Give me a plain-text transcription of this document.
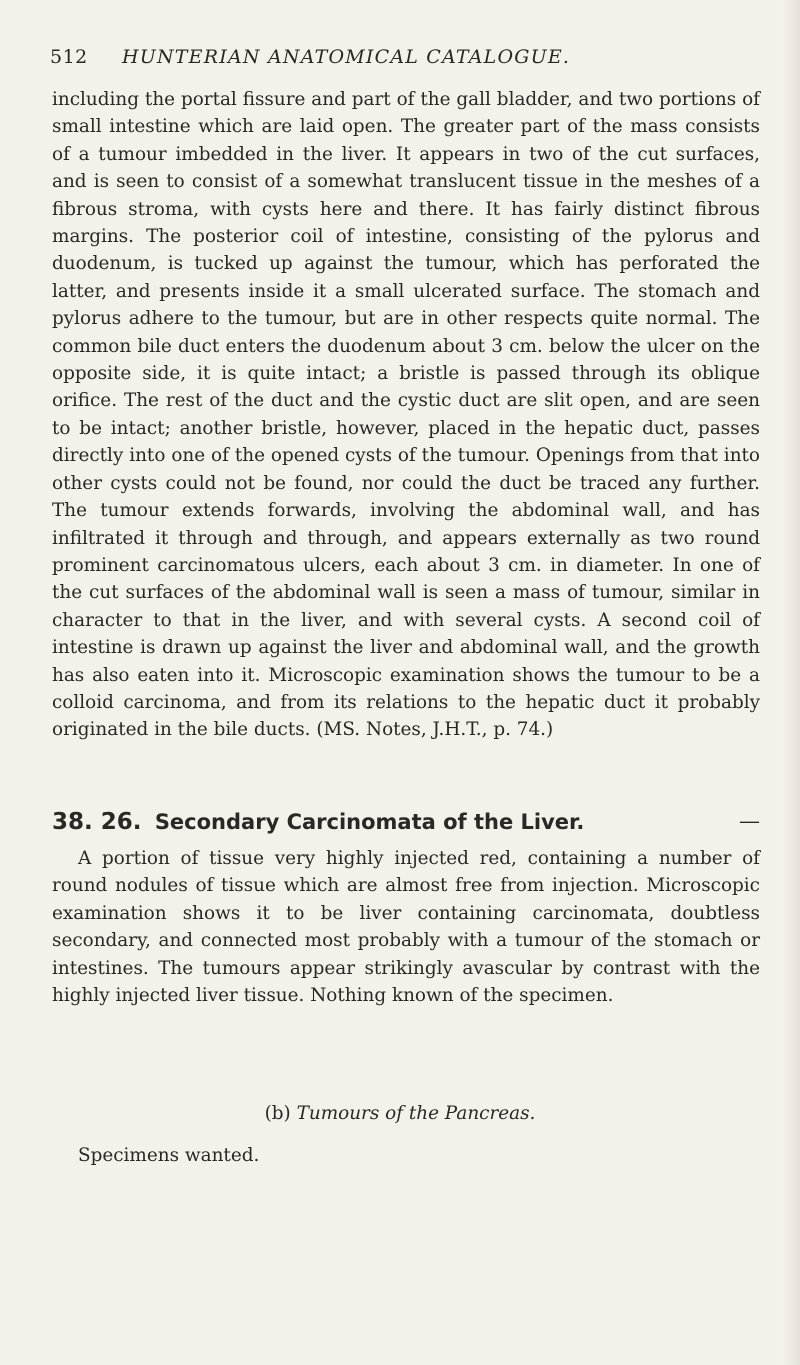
512 HUNTERIAN ANATOMICAL CATALOGUE.

including the portal fissure and part of the gall bladder, and two portions of small intestine which are laid open. The greater part of the mass consists of a tumour imbedded in the liver. It appears in two of the cut surfaces, and is seen to consist of a somewhat translucent tissue in the meshes of a fibrous stroma, with cysts here and there. It has fairly distinct fibrous margins. The posterior coil of intestine, consisting of the pylorus and duodenum, is tucked up against the tumour, which has perforated the latter, and presents inside it a small ulcerated surface. The stomach and pylorus adhere to the tumour, but are in other respects quite normal. The common bile duct enters the duodenum about 3 cm. below the ulcer on the opposite side, it is quite intact; a bristle is passed through its oblique orifice. The rest of the duct and the cystic duct are slit open, and are seen to be intact; another bristle, however, placed in the hepatic duct, passes directly into one of the opened cysts of the tumour. Openings from that into other cysts could not be found, nor could the duct be traced any further. The tumour extends forwards, involving the abdominal wall, and has infiltrated it through and through, and appears externally as two round prominent carcinomatous ulcers, each about 3 cm. in diameter. In one of the cut surfaces of the abdominal wall is seen a mass of tumour, similar in character to that in the liver, and with several cysts. A second coil of intestine is drawn up against the liver and abdominal wall, and the growth has also eaten into it. Microscopic examination shows the tumour to be a colloid carcinoma, and from its relations to the hepatic duct it probably originated in the bile ducts. (MS. Notes, J.H.T., p. 74.)

38. 26. Secondary Carcinomata of the Liver.	—

A portion of tissue very highly injected red, containing a number of round nodules of tissue which are almost free from injection. Microscopic examination shows it to be liver containing carcinomata, doubtless secondary, and connected most probably with a tumour of the stomach or intestines. The tumours appear strikingly avascular by contrast with the highly injected liver tissue. Nothing known of the specimen.

(b) Tumours of the Pancreas.
Specimens wanted.
